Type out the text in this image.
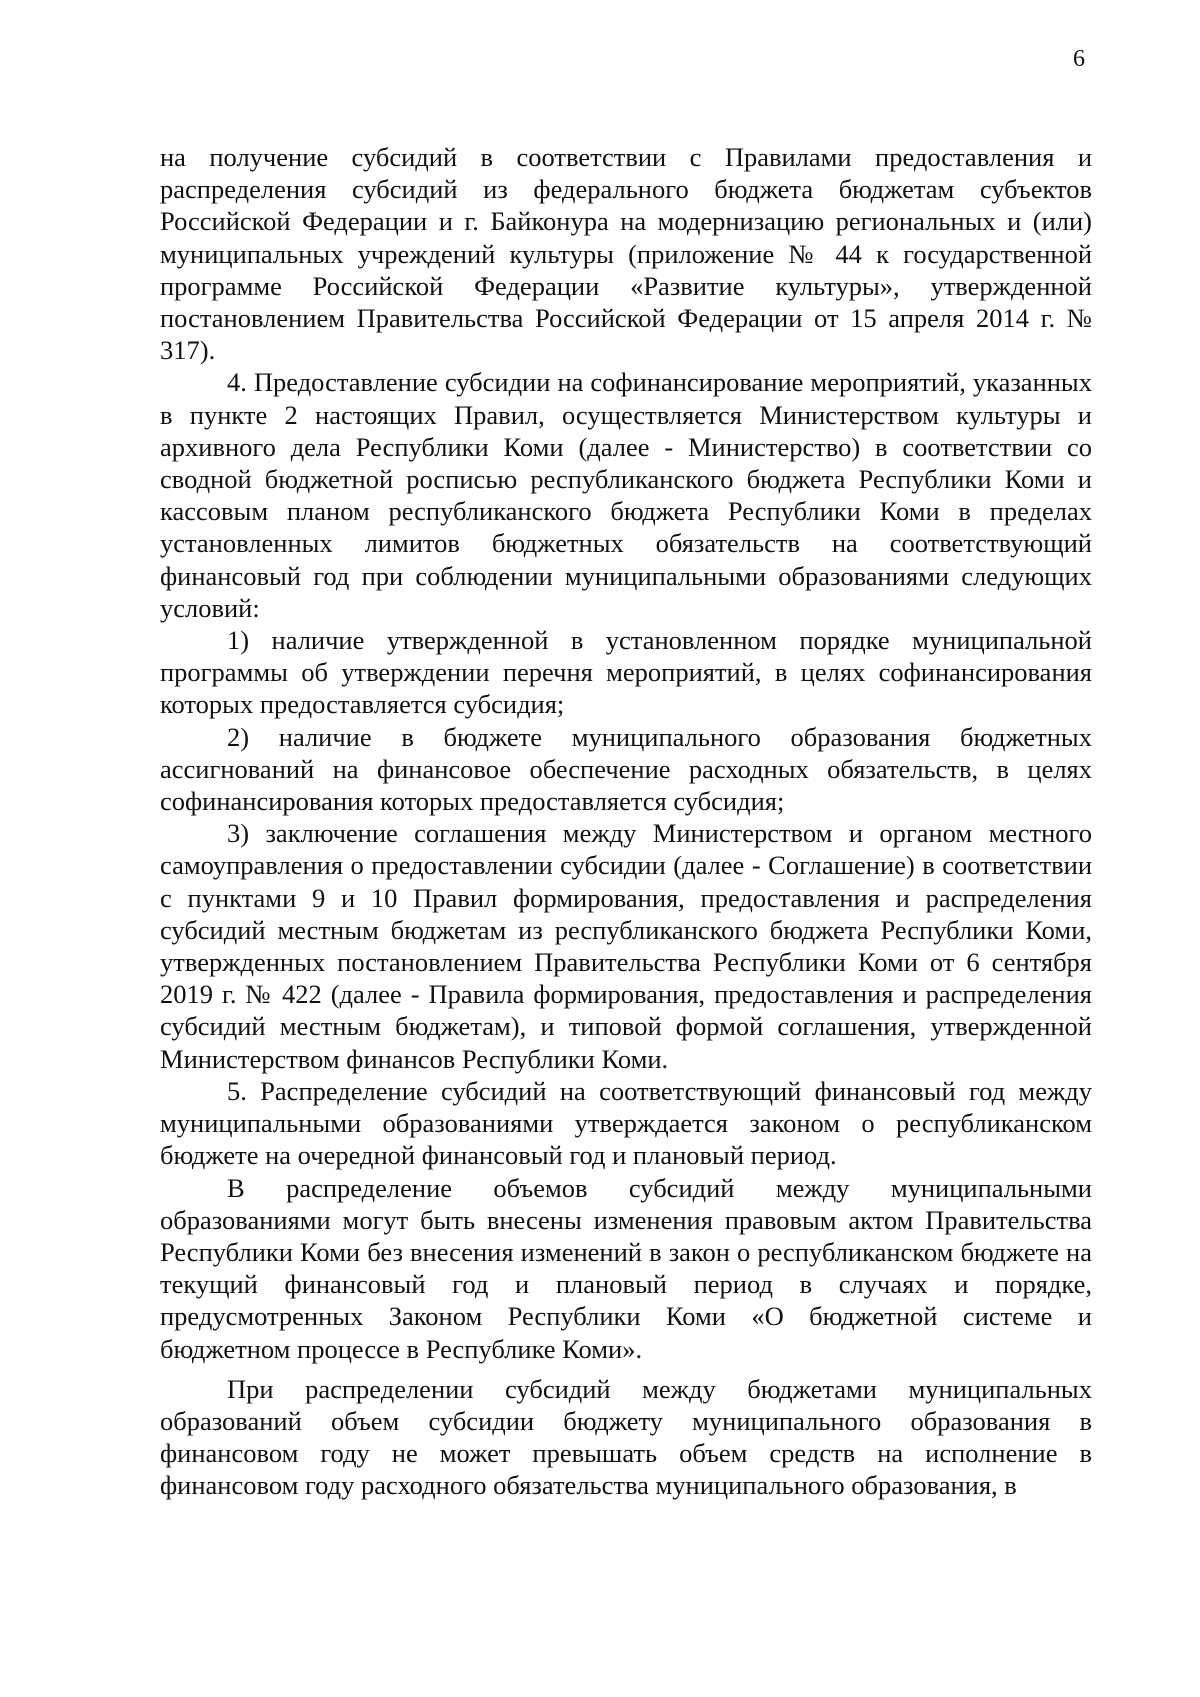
6

на получение субсидий в соответствии с Правилами предоставления и распределения субсидий из федерального бюджета бюджетам субъектов Российской Федерации и г. Байконура на модернизацию региональных и (или) муниципальных учреждений культуры (приложение № 44 к государственной программе Российской Федерации «Развитие культуры», утвержденной постановлением Правительства Российской Федерации от 15 апреля 2014 г. № 317).

4. Предоставление субсидии на софинансирование мероприятий, указанных в пункте 2 настоящих Правил, осуществляется Министерством культуры и архивного дела Республики Коми (далее - Министерство) в соответствии со сводной бюджетной росписью республиканского бюджета Республики Коми и кассовым планом республиканского бюджета Республики Коми в пределах установленных лимитов бюджетных обязательств на соответствующий финансовый год при соблюдении муниципальными образованиями следующих условий:

1) наличие утвержденной в установленном порядке муниципальной программы об утверждении перечня мероприятий, в целях софинансирования которых предоставляется субсидия;

2) наличие в бюджете муниципального образования бюджетных ассигнований на финансовое обеспечение расходных обязательств, в целях софинансирования которых предоставляется субсидия;

3) заключение соглашения между Министерством и органом местного самоуправления о предоставлении субсидии (далее - Соглашение) в соответствии с пунктами 9 и 10 Правил формирования, предоставления и распределения субсидий местным бюджетам из республиканского бюджета Республики Коми, утвержденных постановлением Правительства Республики Коми от 6 сентября 2019 г. № 422 (далее - Правила формирования, предоставления и распределения субсидий местным бюджетам), и типовой формой соглашения, утвержденной Министерством финансов Республики Коми.

5. Распределение субсидий на соответствующий финансовый год между муниципальными образованиями утверждается законом о республиканском бюджете на очередной финансовый год и плановый период.

В распределение объемов субсидий между муниципальными образованиями могут быть внесены изменения правовым актом Правительства Республики Коми без внесения изменений в закон о республиканском бюджете на текущий финансовый год и плановый период в случаях и порядке, предусмотренных Законом Республики Коми «О бюджетной системе и бюджетном процессе в Республике Коми».

При распределении субсидий между бюджетами муниципальных образований объем субсидии бюджету муниципального образования в финансовом году не может превышать объем средств на исполнение в финансовом году расходного обязательства муниципального образования, в
